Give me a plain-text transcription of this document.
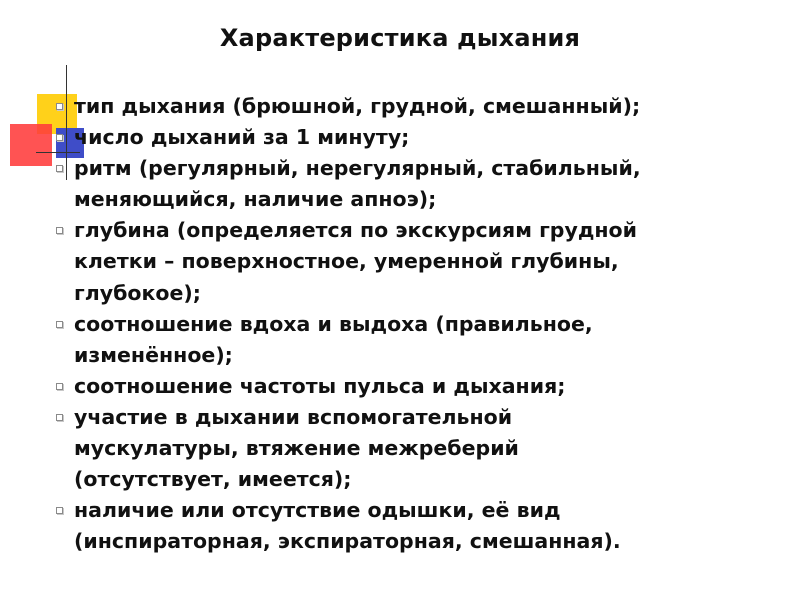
Характеристика дыхания
тип дыхания (брюшной, грудной, смешанный);
число дыханий за 1 минуту;
ритм (регулярный, нерегулярный, стабильный,
меняющийся, наличие апноэ);
глубина (определяется по экскурсиям грудной
клетки – поверхностное, умеренной глубины,
глубокое);
соотношение вдоха и выдоха (правильное,
изменённое);
соотношение частоты пульса и дыхания;
участие в дыхании вспомогательной
мускулатуры, втяжение межреберий
(отсутствует, имеется);
наличие или отсутствие одышки, её вид
(инспираторная, экспираторная, смешанная).
